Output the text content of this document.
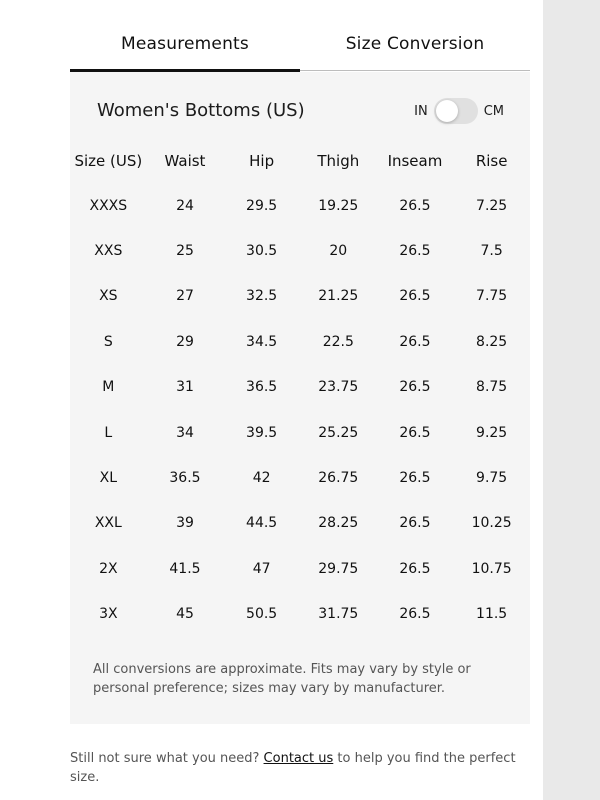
Measurements	Size Conversion
Women's Bottoms (US)	IN	CM
Size (US)	Waist	Hip	Thigh	Inseam	Rise
XXXS	24	29.5	19.25	26.5	7.25
XXS	25	30.5	20	26.5	7.5
XS	27	32.5	21.25	26.5	7.75
S	29	34.5	22.5	26.5	8.25
M	31	36.5	23.75	26.5	8.75
L	34	39.5	25.25	26.5	9.25
XL	36.5	42	26.75	26.5	9.75
XXL	39	44.5	28.25	26.5	10.25
2X	41.5	47	29.75	26.5	10.75
3X	45	50.5	31.75	26.5	11.5
All conversions are approximate. Fits may vary by style or personal preference; sizes may vary by manufacturer.
Still not sure what you need? Contact us to help you find the perfect size.
